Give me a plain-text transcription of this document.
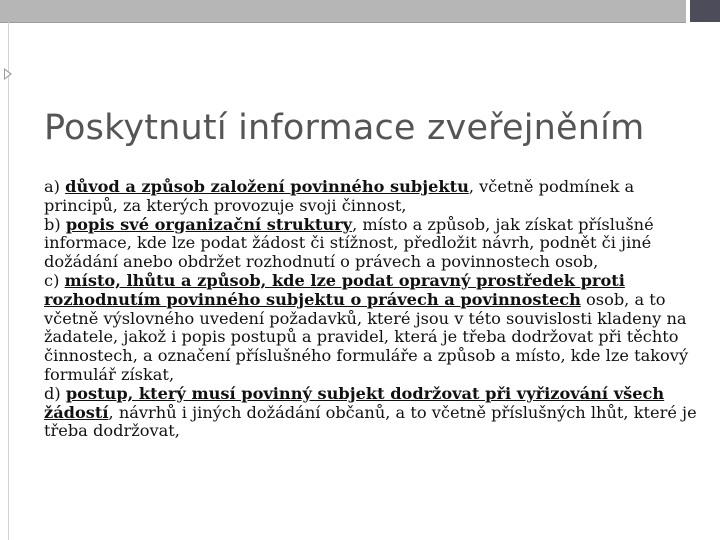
Poskytnutí informace zveřejněním

a) důvod a způsob založení povinného subjektu, včetně podmínek a principů, za kterých provozuje svoji činnost,

b) popis své organizační struktury, místo a způsob, jak získat příslušné informace, kde lze podat žádost či stížnost, předložit návrh, podnět či jiné dožádání anebo obdržet rozhodnutí o právech a povinnostech osob,

c) místo, lhůtu a způsob, kde lze podat opravný prostředek proti rozhodnutím povinného subjektu o právech a povinnostech osob, a to včetně výslovného uvedení požadavků, které jsou v této souvislosti kladeny na žadatele, jakož i popis postupů a pravidel, která je třeba dodržovat při těchto činnostech, a označení příslušného formuláře a způsob a místo, kde lze takový formulář získat,

d) postup, který musí povinný subjekt dodržovat při vyřizování všech žádostí, návrhů i jiných dožádání občanů, a to včetně příslušných lhůt, které je třeba dodržovat,
